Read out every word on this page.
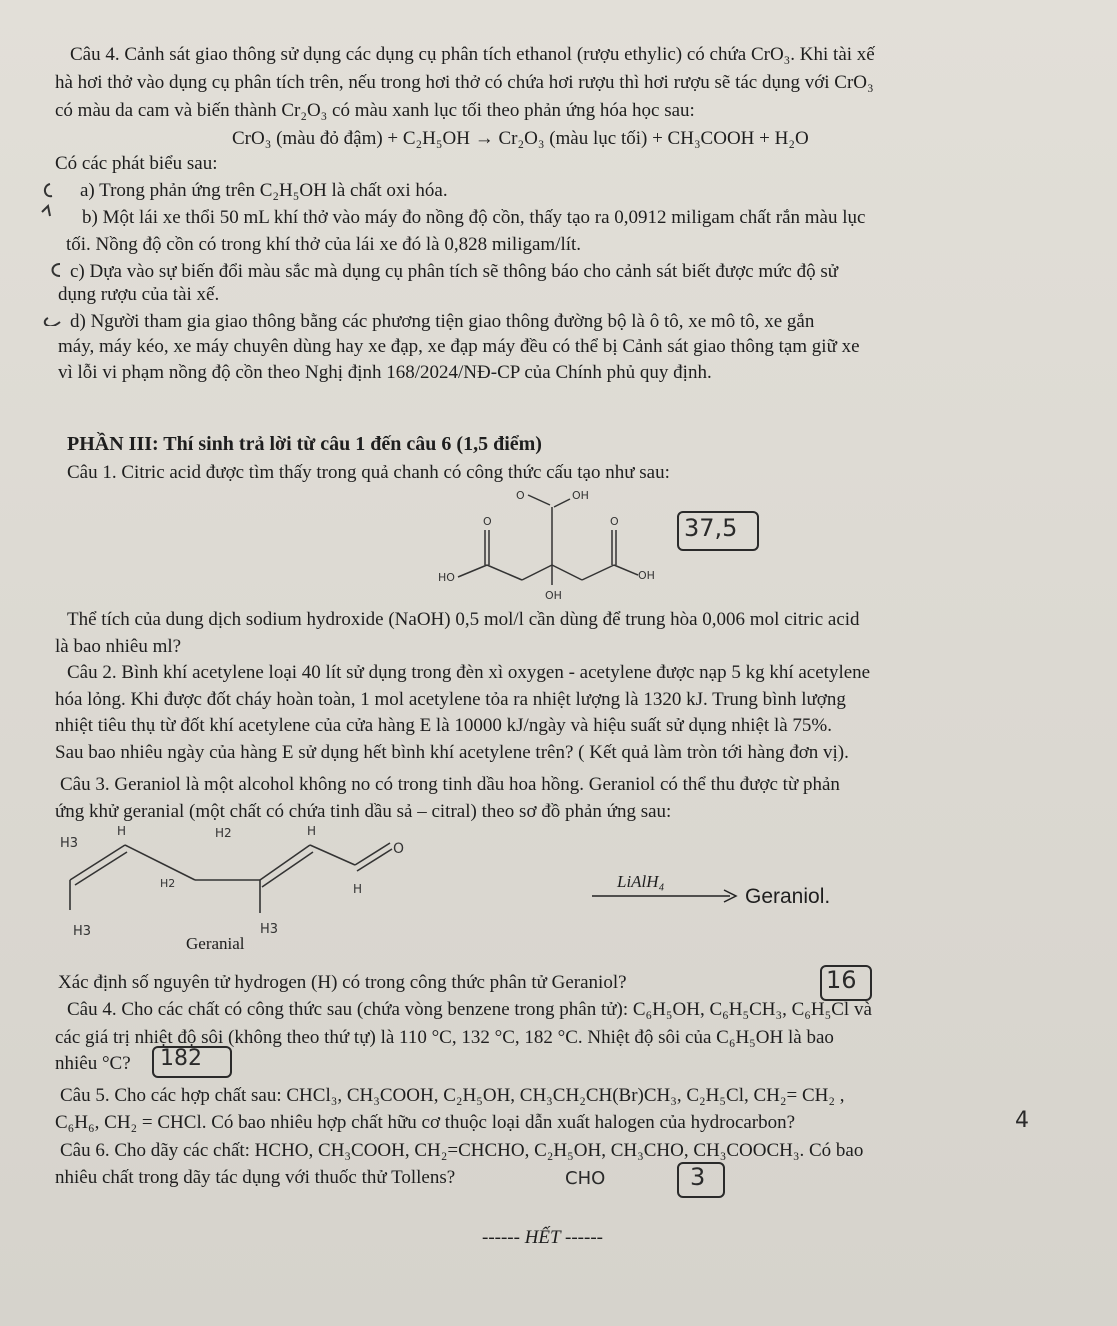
Câu 4. Cảnh sát giao thông sử dụng các dụng cụ phân tích ethanol (rượu ethylic) có chứa CrO₃. Khi tài xế
hà hơi thở vào dụng cụ phân tích trên, nếu trong hơi thở có chứa hơi rượu thì hơi rượu sẽ tác dụng với CrO₃
có màu da cam và biến thành Cr₂O₃ có màu xanh lục tối theo phản ứng hóa học sau:
CrO₃ (màu đỏ đậm) + C₂H₅OH → Cr₂O₃ (màu lục tối) + CH₃COOH + H₂O
Có các phát biểu sau:
a) Trong phản ứng trên C₂H₅OH là chất oxi hóa.
b) Một lái xe thổi 50 mL khí thở vào máy đo nồng độ cồn, thấy tạo ra 0,0912 miligam chất rắn màu lục
tối. Nồng độ cồn có trong khí thở của lái xe đó là 0,828 miligam/lít.
c) Dựa vào sự biến đổi màu sắc mà dụng cụ phân tích sẽ thông báo cho cảnh sát biết được mức độ sử
dụng rượu của tài xế.
d) Người tham gia giao thông bằng các phương tiện giao thông đường bộ là ô tô, xe mô tô, xe gắn
máy, máy kéo, xe máy chuyên dùng hay xe đạp, xe đạp máy đều có thể bị Cảnh sát giao thông tạm giữ xe
vì lỗi vi phạm nồng độ cồn theo Nghị định 168/2024/NĐ-CP của Chính phủ quy định.
PHẦN III: Thí sinh trả lời từ câu 1 đến câu 6 (1,5 điểm)
Câu 1. Citric acid được tìm thấy trong quả chanh có công thức cấu tạo như sau:
O	OH
O	O
HO	OH
OH
37,5
Thể tích của dung dịch sodium hydroxide (NaOH) 0,5 mol/l cần dùng để trung hòa 0,006 mol citric acid
là bao nhiêu ml?
Câu 2. Bình khí acetylene loại 40 lít sử dụng trong đèn xì oxygen - acetylene được nạp 5 kg khí acetylene
hóa lỏng. Khi được đốt cháy hoàn toàn, 1 mol acetylene tỏa ra nhiệt lượng là 1320 kJ. Trung bình lượng
nhiệt tiêu thụ từ đốt khí acetylene của cửa hàng E là 10000 kJ/ngày và hiệu suất sử dụng nhiệt là 75%.
Sau bao nhiêu ngày của hàng E sử dụng hết bình khí acetylene trên? ( Kết quả làm tròn tới hàng đơn vị).
Câu 3. Geraniol là một alcohol không no có trong tinh dầu hoa hồng. Geraniol có thể thu được từ phản
ứng khử geranial (một chất có chứa tinh dầu sả – citral) theo sơ đồ phản ứng sau:
O
H3
H	H2	H
H2	H
H3	H3
Geranial
LiAlH₄
Geraniol.
Xác định số nguyên tử hydrogen (H) có trong công thức phân tử Geraniol?	16
Câu 4. Cho các chất có công thức sau (chứa vòng benzene trong phân tử): C₆H₅OH, C₆H₅CH₃, C₆H₅Cl và
các giá trị nhiệt độ sôi (không theo thứ tự) là 110 °C, 132 °C, 182 °C. Nhiệt độ sôi của C₆H₅OH là bao
nhiêu °C? 182
Câu 5. Cho các hợp chất sau: CHCl₃, CH₃COOH, C₂H₅OH, CH₃CH₂CH(Br)CH₃, C₂H₅Cl, CH₂= CH₂ ,
C₆H₆, CH₂ = CHCl. Có bao nhiêu hợp chất hữu cơ thuộc loại dẫn xuất halogen của hydrocarbon?	4
Câu 6. Cho dãy các chất: HCHO, CH₃COOH, CH₂=CHCHO, C₂H₅OH, CH₃CHO, CH₃COOCH₃. Có bao
nhiêu chất trong dãy tác dụng với thuốc thử Tollens?	CHO	3
------ HẾT ------
